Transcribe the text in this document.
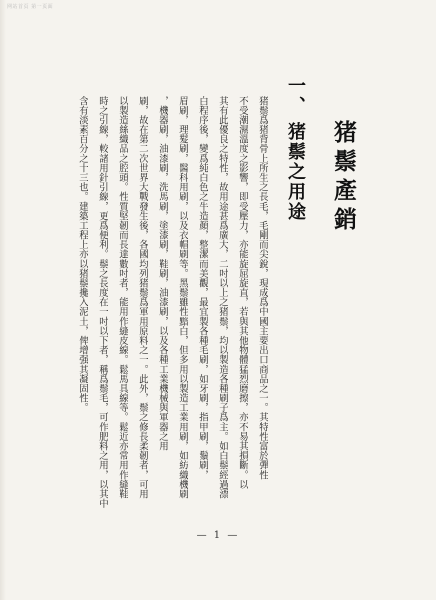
网站首页 第一页面
猪鬃產銷
一、猪鬃之用途
猪鬃爲猪背骨上所生之長毛，毛剛而尖銳，現成爲中國主要出口商品之一。其特性富於彈性
不受潮濕溫度之影響，即受壓力，亦能旋屈旋直，若與其他物體猛烈磨擦，亦不易其損斷。以
其有此優良之特性，故用途甚爲廣大，二吋以上之猪鬃，均以製造各種刷子爲主。如白鬃經過漂
白程序後，變爲純白色之牛造顏，整潔而美觀，最宜製各種毛刷，如牙刷，指甲刷，鬚刷，
眉刷，理髮刷，醫科用刷，以及衣帽刷等。黑鬃雖性黯白，但多用以製造工業用刷，如紡織機刷
，機器刷，油漆刷，洗馬刷，塗漆刷，鞋刷，油漆刷，以及各種工業機械與軍器之用
刷，故在第二次世界大戰發生後，各國均列猪鬃爲軍用原料之一。此外，鬃之修長柔韌者，可用
以製造絲織品之腔頭。性質堅韌而長達數吋者，能用作縫皮線。鬆馬具線等。鬆近亦常用作縫鞋
時之引線，較諸用針引線，更爲便利。鬃之長度在一吋以下者，稱爲鬃毛，可作肥料之用，以其中
含有淡素百分之十三也。建築工程上亦以猪鬃攙入泥土，俾增强其凝固性。
— 1 —
